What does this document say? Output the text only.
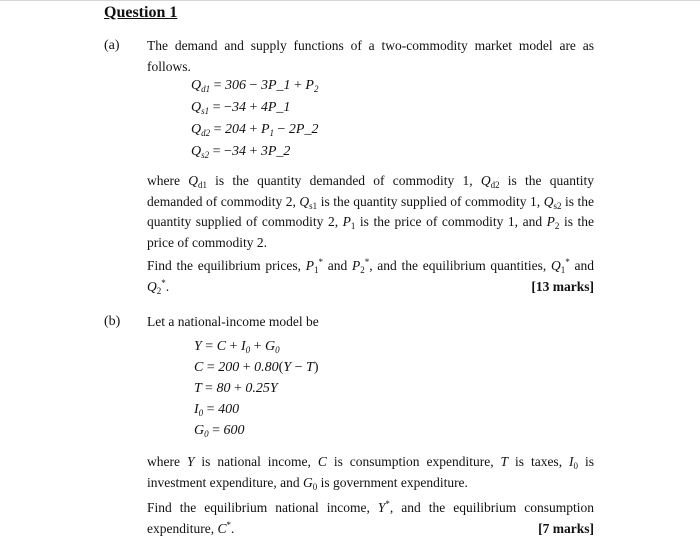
Question 1
(a) The demand and supply functions of a two-commodity market model are as follows.
$Q_{d1} = 306$ − 3P_1 + $P_2$
$Q_{s1} = -34$ + 4P_1
$Q_{d2} = 204 + P_1$ − 2P_2
$Q_{s2} = -34$ + 3P_2
where $Q_{d1}$ is the quantity demanded of commodity 1, $Q_{d2}$ is the quantity demanded of commodity 2, $Q_{s1}$ is the quantity supplied of commodity 1, $Q_{s2}$ is the quantity supplied of commodity 2, $P_1$ is the price of commodity 1, and $P_2$ is the price of commodity 2.
Find the equilibrium prices, $P_1^*$ and $P_2^*$, and the equilibrium quantities, $Q_1^*$ and $Q_2^*$.	[13 marks]
(b) Let a national-income model be
$Y = C + I_0 + G_0$
C = 200 + 0.80(Y − T)
T = 80 + 0.25Y
$I_0 = 400$
$G_0 = 600$
where Y is national income, C is consumption expenditure, T is taxes, $I_0$ is investment expenditure, and $G_0$ is government expenditure.
Find the equilibrium national income, Y*, and the equilibrium consumption expenditure, C*.	[7 marks]
